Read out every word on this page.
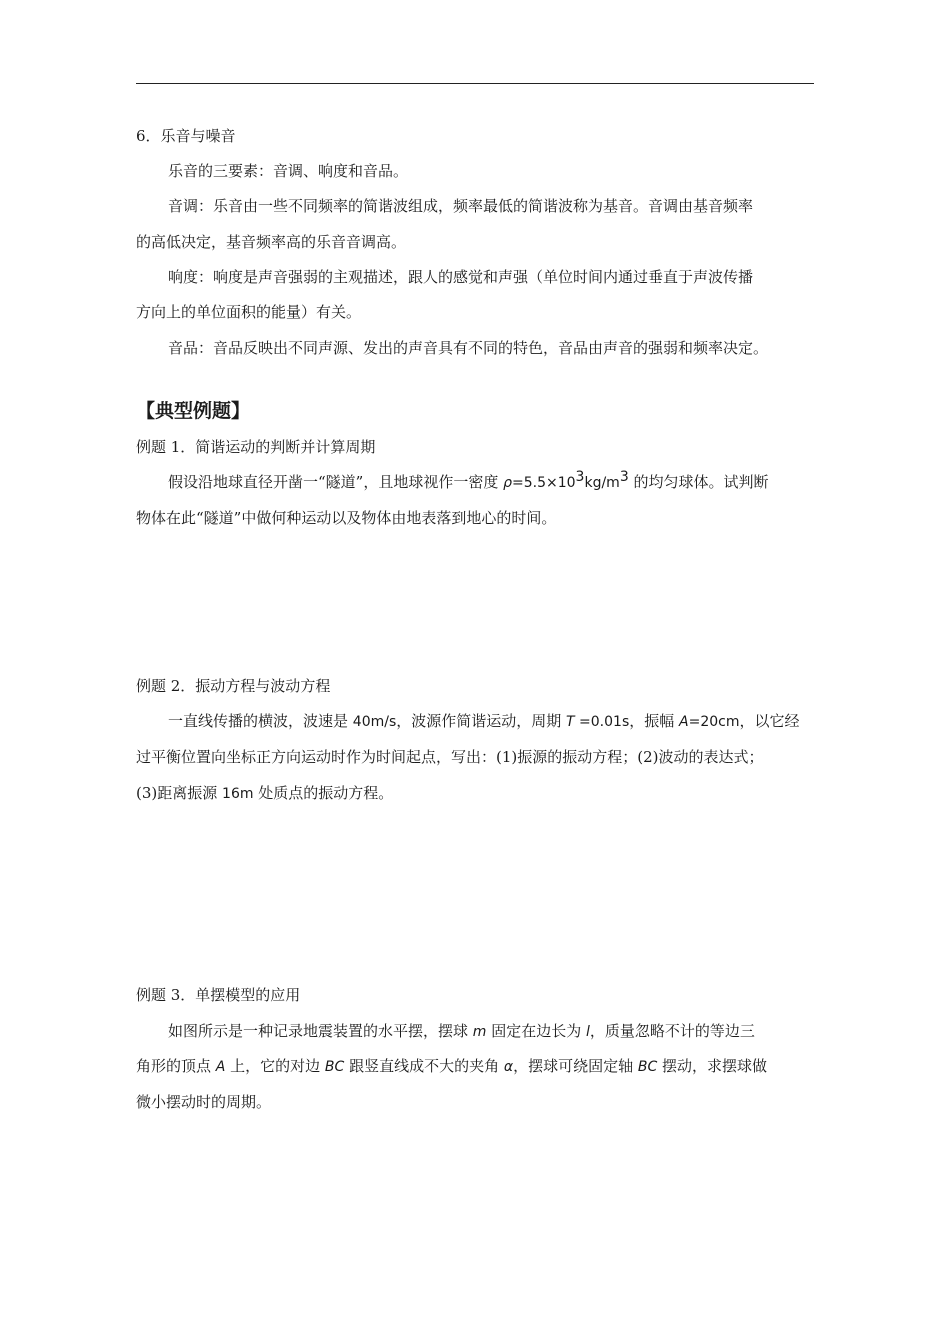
6．乐音与噪音
乐音的三要素：音调、响度和音品。
音调：乐音由一些不同频率的简谐波组成，频率最低的简谐波称为基音。音调由基音频率
的高低决定，基音频率高的乐音音调高。
响度：响度是声音强弱的主观描述，跟人的感觉和声强（单位时间内通过垂直于声波传播
方向上的单位面积的能量）有关。
音品：音品反映出不同声源、发出的声音具有不同的特色，音品由声音的强弱和频率决定。
【典型例题】
例题 1．简谐运动的判断并计算周期
假设沿地球直径开凿一“隧道”，且地球视作一密度 $\rho=5.5\times 10^3kg/m^3$ 的均匀球体。试判断
物体在此“隧道”中做何种运动以及物体由地表落到地心的时间。
例题 2．振动方程与波动方程
一直线传播的横波，波速是 40m/s，波源作简谐运动，周期 T =0.01s，振幅 A=20cm，以它经
过平衡位置向坐标正方向运动时作为时间起点，写出：(1)振源的振动方程；(2)波动的表达式；
(3)距离振源 16m 处质点的振动方程。
例题 3．单摆模型的应用
如图所示是一种记录地震装置的水平摆，摆球 m 固定在边长为 l，质量忽略不计的等边三
角形的顶点 A 上，它的对边 BC 跟竖直线成不大的夹角 α，摆球可绕固定轴 BC 摆动，求摆球做
微小摆动时的周期。
